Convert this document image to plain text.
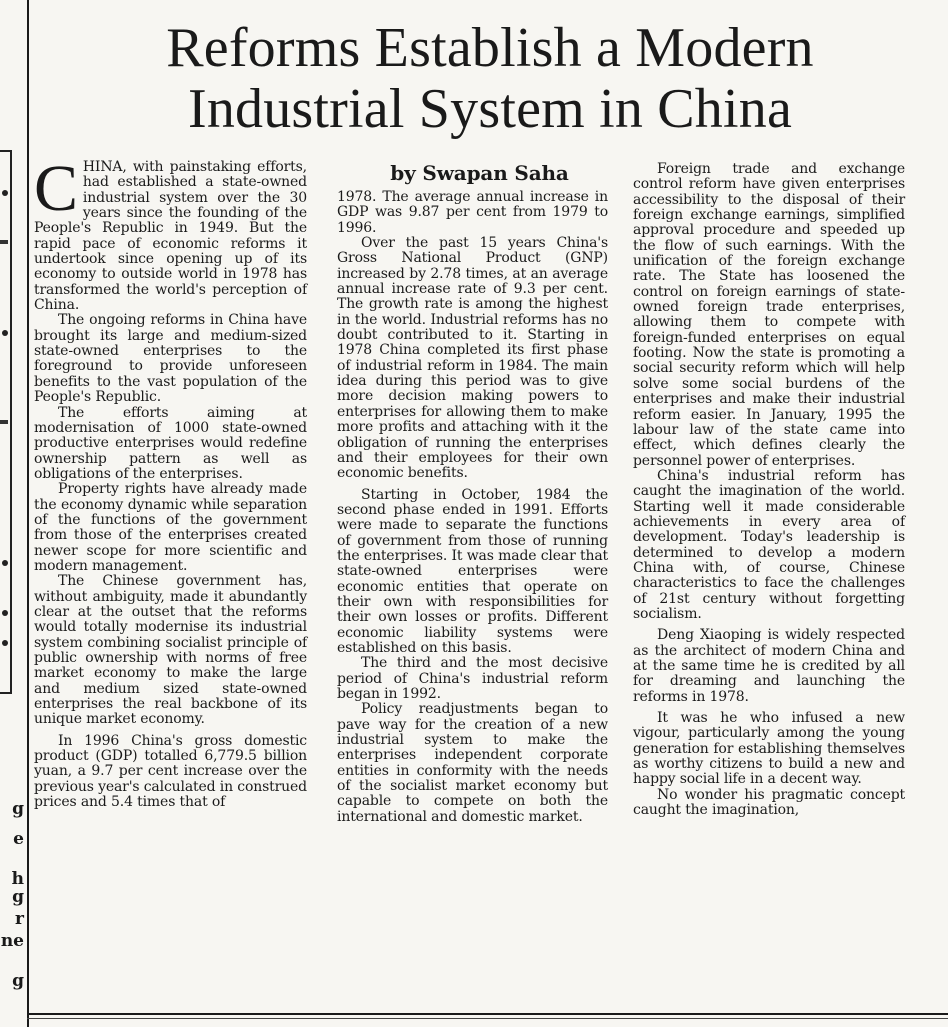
g
e
h
g
r
ne
g
Reforms Establish a Modern
Industrial System in China

CHINA, with painstaking efforts, had established a state-owned industrial system over the 30 years since the founding of the People's Republic in 1949. But the rapid pace of economic reforms it undertook since opening up of its economy to outside world in 1978 has transformed the world's perception of China.

The ongoing reforms in China have brought its large and medium-sized state-owned enterprises to the foreground to provide unforeseen benefits to the vast population of the People's Republic.

The efforts aiming at modernisation of 1000 state-owned productive enterprises would redefine ownership pattern as well as obligations of the enterprises.

Property rights have already made the economy dynamic while separation of the functions of the government from those of the enterprises created newer scope for more scientific and modern management.

The Chinese government has, without ambiguity, made it abundantly clear at the outset that the reforms would totally modernise its industrial system combining socialist principle of public ownership with norms of free market economy to make the large and medium sized state-owned enterprises the real backbone of its unique market economy.

In 1996 China's gross domestic product (GDP) totalled 6,779.5 billion yuan, a 9.7 per cent increase over the previous year's calculated in construed prices and 5.4 times that of

by Swapan Saha

1978. The average annual increase in GDP was 9.87 per cent from 1979 to 1996.

Over the past 15 years China's Gross National Product (GNP) increased by 2.78 times, at an average annual increase rate of 9.3 per cent. The growth rate is among the highest in the world. Industrial reforms has no doubt contributed to it. Starting in 1978 China completed its first phase of industrial reform in 1984. The main idea during this period was to give more decision making powers to enterprises for allowing them to make more profits and attaching with it the obligation of running the enterprises and their employees for their own economic benefits.

Starting in October, 1984 the second phase ended in 1991. Efforts were made to separate the functions of government from those of running the enterprises. It was made clear that state-owned enterprises were economic entities that operate on their own with responsibilities for their own losses or profits. Different economic liability systems were established on this basis.

The third and the most decisive period of China's industrial reform began in 1992.

Policy readjustments began to pave way for the creation of a new industrial system to make the enterprises independent corporate entities in conformity with the needs of the socialist market economy but capable to compete on both the international and domestic market.

Foreign trade and exchange control reform have given enterprises accessibility to the disposal of their foreign exchange earnings, simplified approval procedure and speeded up the flow of such earnings. With the unification of the foreign exchange rate. The State has loosened the control on foreign earnings of state-owned foreign trade enterprises, allowing them to compete with foreign-funded enterprises on equal footing. Now the state is promoting a social security reform which will help solve some social burdens of the enterprises and make their industrial reform easier. In January, 1995 the labour law of the state came into effect, which defines clearly the personnel power of enterprises.

China's industrial reform has caught the imagination of the world. Starting well it made considerable achievements in every area of development. Today's leadership is determined to develop a modern China with, of course, Chinese characteristics to face the challenges of 21st century without forgetting socialism.

Deng Xiaoping is widely respected as the architect of modern China and at the same time he is credited by all for dreaming and launching the reforms in 1978.

It was he who infused a new vigour, particularly among the young generation for establishing themselves as worthy citizens to build a new and happy social life in a decent way.

No wonder his pragmatic concept caught the imagination,
